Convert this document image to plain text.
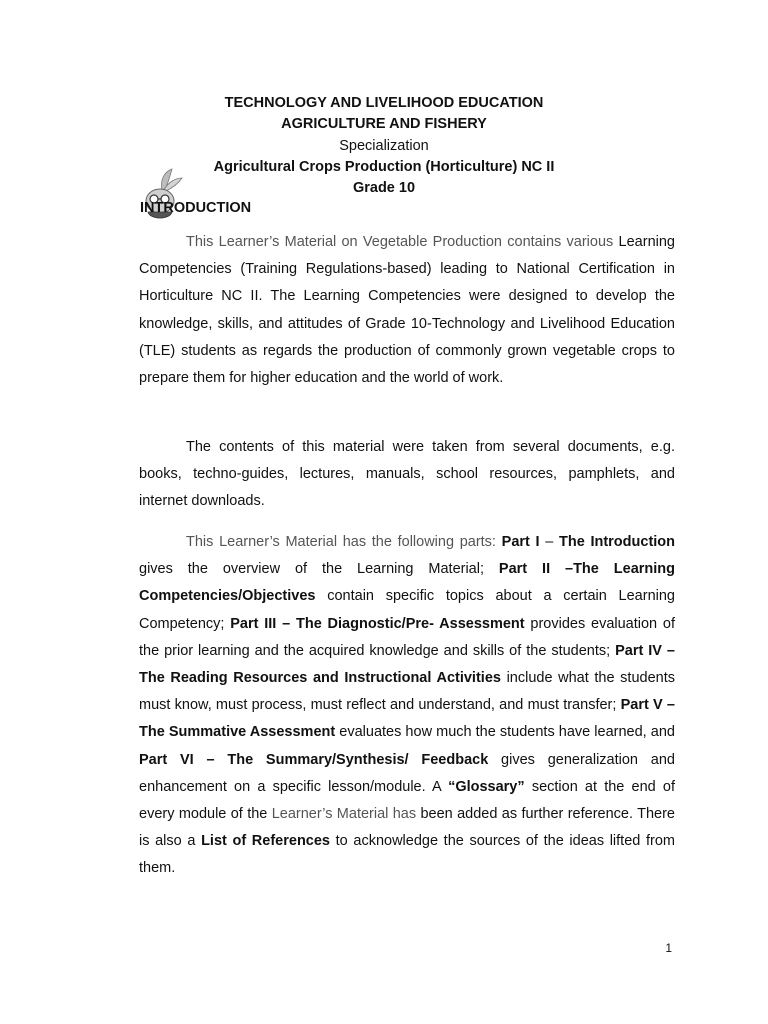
TECHNOLOGY AND LIVELIHOOD EDUCATION
AGRICULTURE AND FISHERY
Specialization
Agricultural Crops Production (Horticulture) NC II
Grade 10
INTRODUCTION

This Learner’s Material on Vegetable Production contains various Learning Competencies (Training Regulations-based) leading to National Certification in Horticulture NC II. The Learning Competencies were designed to develop the knowledge, skills, and attitudes of Grade 10-Technology and Livelihood Education (TLE) students as regards the production of commonly grown vegetable crops to prepare them for higher education and the world of work.

The contents of this material were taken from several documents, e.g. books, techno-guides, lectures, manuals, school resources, pamphlets, and internet downloads.

This Learner’s Material has the following parts: Part I – The Introduction gives the overview of the Learning Material; Part II –The Learning Competencies/Objectives contain specific topics about a certain Learning Competency; Part III – The Diagnostic/Pre- Assessment provides evaluation of the prior learning and the acquired knowledge and skills of the students; Part IV – The Reading Resources and Instructional Activities include what the students must know, must process, must reflect and understand, and must transfer; Part V –The Summative Assessment evaluates how much the students have learned, and Part VI – The Summary/Synthesis/ Feedback gives generalization and enhancement on a specific lesson/module. A “Glossary” section at the end of every module of the Learner’s Material has been added as further reference. There is also a List of References to acknowledge the sources of the ideas lifted from them.

1
